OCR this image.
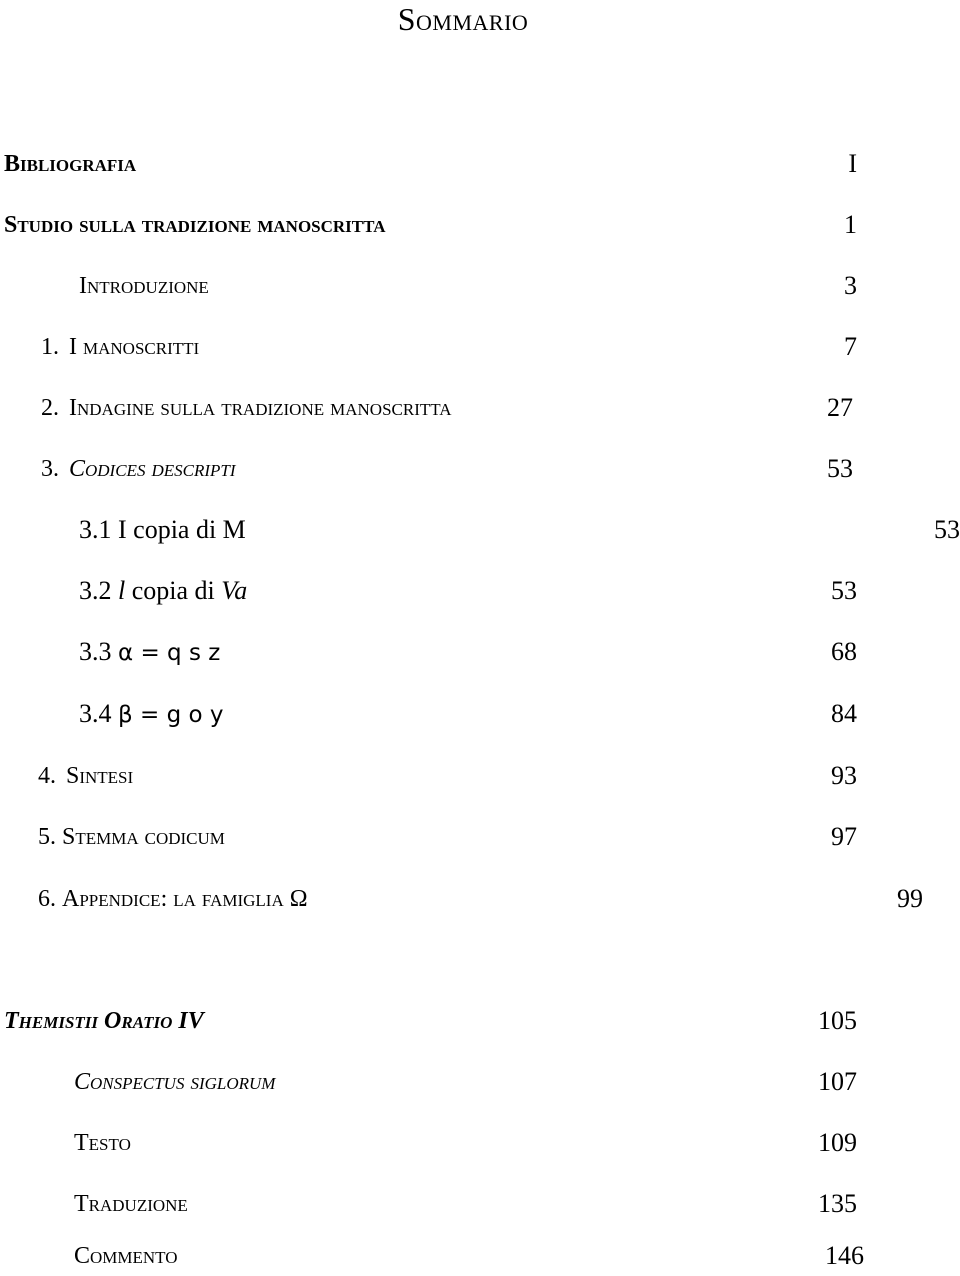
Sommario
Bibliografia	I
Studio sulla tradizione manoscritta	1
Introduzione	3
1. I manoscritti	7
2. Indagine sulla tradizione manoscritta	27
3. Codices descripti	53
3.1 I copia di M	53
3.2 l copia di Va	53
3.3 α = q s z	68
3.4 β = g o y	84
4. Sintesi	93
5. Stemma codicum	97
6. Appendice: la famiglia Ω	99
Themistii Oratio IV	105
Conspectus siglorum	107
Testo	109
Traduzione	135
Commento	146
